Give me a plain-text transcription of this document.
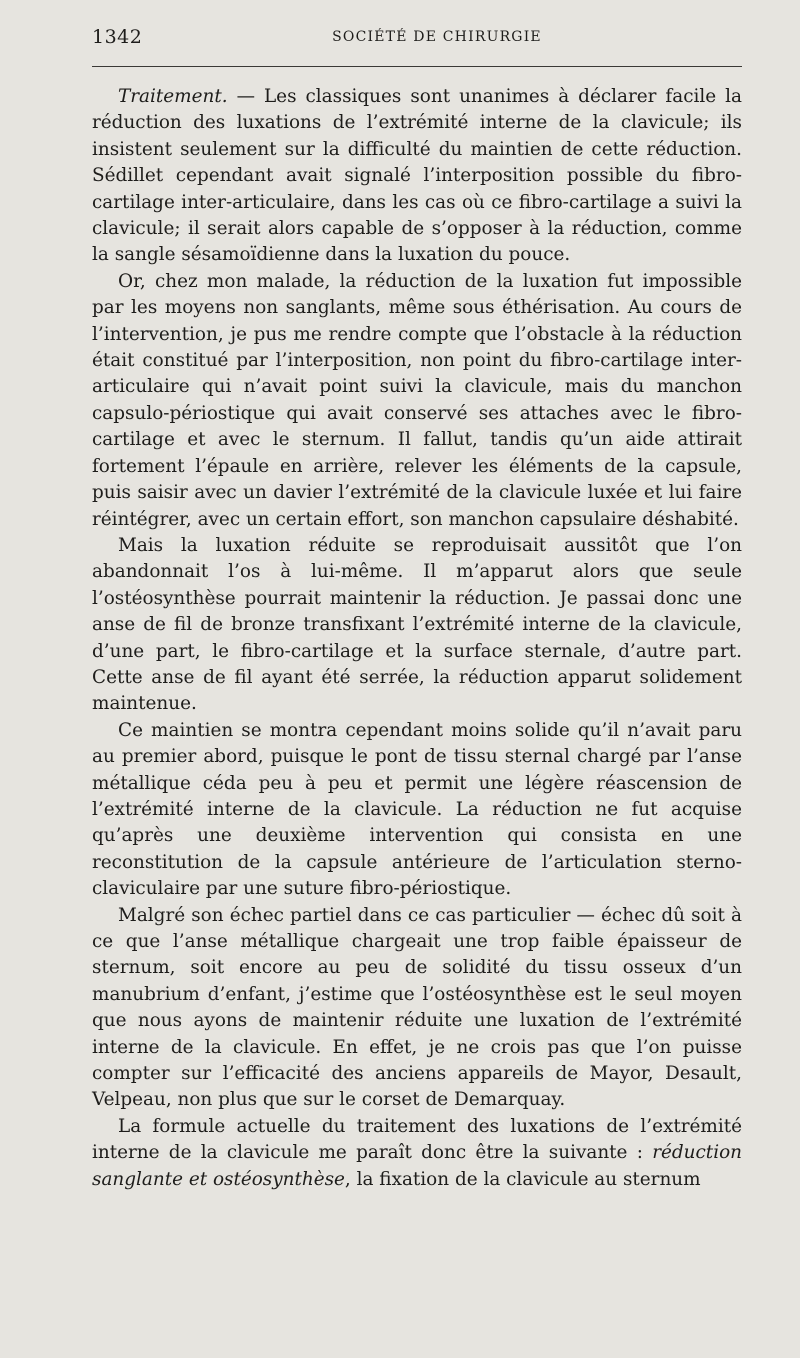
1342	SOCIÉTÉ DE CHIRURGIE

Traitement. — Les classiques sont unanimes à déclarer facile la réduction des luxations de l’extrémité interne de la clavicule; ils insistent seulement sur la difficulté du maintien de cette réduction. Sédillet cependant avait signalé l’interposition possible du fibro-cartilage inter-articulaire, dans les cas où ce fibro-cartilage a suivi la clavicule; il serait alors capable de s’opposer à la réduction, comme la sangle sésamoïdienne dans la luxation du pouce.

Or, chez mon malade, la réduction de la luxation fut impossible par les moyens non sanglants, même sous éthérisation. Au cours de l’intervention, je pus me rendre compte que l’obstacle à la réduction était constitué par l’interposition, non point du fibro-cartilage inter-articulaire qui n’avait point suivi la clavicule, mais du manchon capsulo-périostique qui avait conservé ses attaches avec le fibro-cartilage et avec le sternum. Il fallut, tandis qu’un aide attirait fortement l’épaule en arrière, relever les éléments de la capsule, puis saisir avec un davier l’extrémité de la clavicule luxée et lui faire réintégrer, avec un certain effort, son manchon capsulaire déshabité.

Mais la luxation réduite se reproduisait aussitôt que l’on abandonnait l’os à lui-même. Il m’apparut alors que seule l’ostéosynthèse pourrait maintenir la réduction. Je passai donc une anse de fil de bronze transfixant l’extrémité interne de la clavicule, d’une part, le fibro-cartilage et la surface sternale, d’autre part. Cette anse de fil ayant été serrée, la réduction apparut solidement maintenue.

Ce maintien se montra cependant moins solide qu’il n’avait paru au premier abord, puisque le pont de tissu sternal chargé par l’anse métallique céda peu à peu et permit une légère réascension de l’extrémité interne de la clavicule. La réduction ne fut acquise qu’après une deuxième intervention qui consista en une reconstitution de la capsule antérieure de l’articulation sterno-claviculaire par une suture fibro-périostique.

Malgré son échec partiel dans ce cas particulier — échec dû soit à ce que l’anse métallique chargeait une trop faible épaisseur de sternum, soit encore au peu de solidité du tissu osseux d’un manubrium d’enfant, j’estime que l’ostéosynthèse est le seul moyen que nous ayons de maintenir réduite une luxation de l’extrémité interne de la clavicule. En effet, je ne crois pas que l’on puisse compter sur l’efficacité des anciens appareils de Mayor, Desault, Velpeau, non plus que sur le corset de Demarquay.

La formule actuelle du traitement des luxations de l’extrémité interne de la clavicule me paraît donc être la suivante : réduction sanglante et ostéosynthèse, la fixation de la clavicule au sternum
